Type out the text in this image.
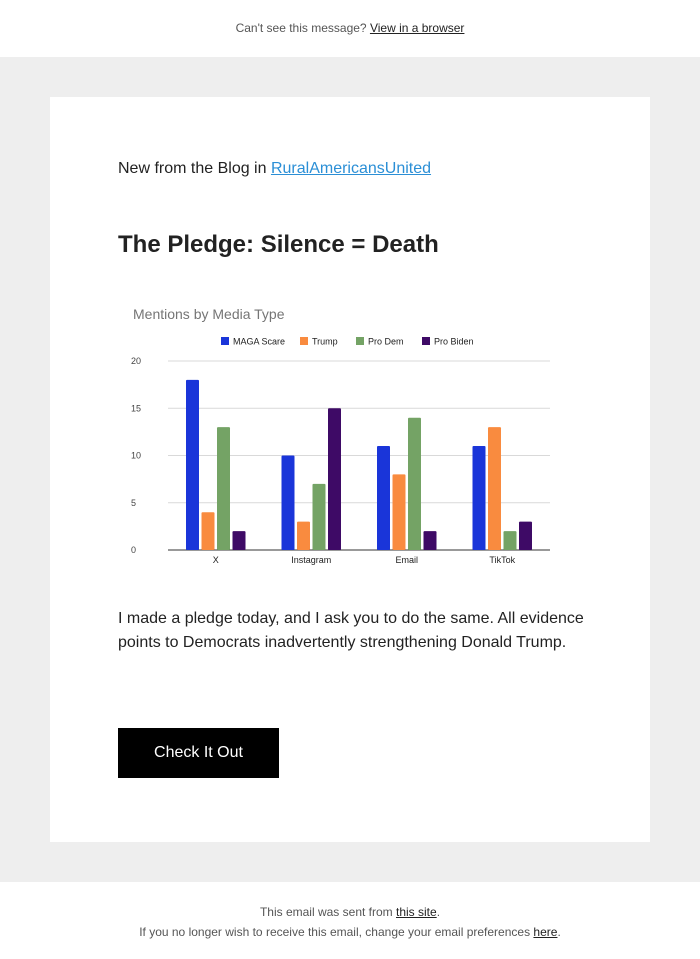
Can't see this message? View in a browser
New from the Blog in RuralAmericansUnited
The Pledge: Silence = Death
Mentions by Media Type
MAGA Scare	Trump	Pro Dem	Pro Biden
X	Instagram	Email	TikTok
0
5
10
15
20

I made a pledge today, and I ask you to do the same. All evidence points to Democrats inadvertently strengthening Donald Trump.

Check It Out
This email was sent from this site.
If you no longer wish to receive this email, change your email preferences here.
